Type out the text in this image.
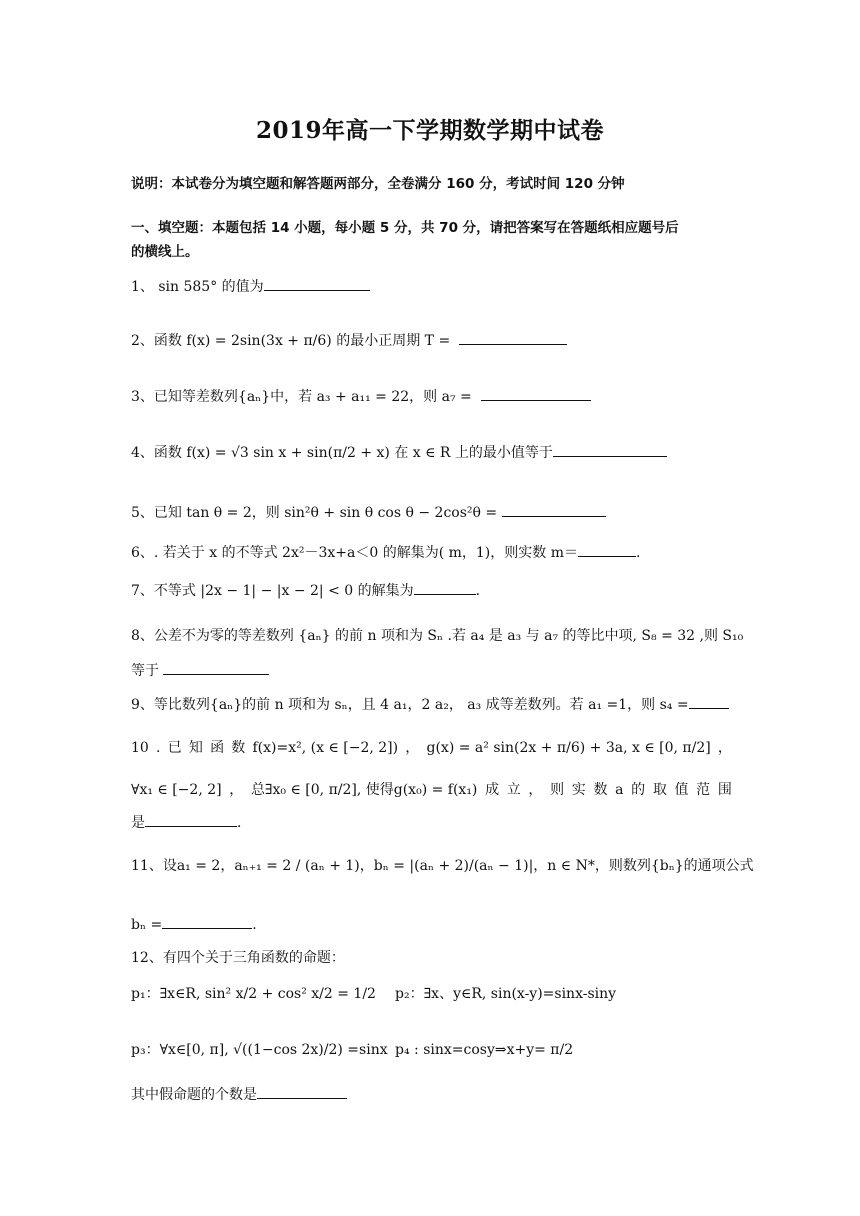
2019年高一下学期数学期中试卷
说明：本试卷分为填空题和解答题两部分，全卷满分 160 分，考试时间 120 分钟
一、填空题：本题包括 14 小题，每小题 5 分，共 70 分，请把答案写在答题纸相应题号后
的横线上。
1、 sin 585° 的值为
2、函数 f(x) = 2sin(3x + π/6) 的最小正周期 T =
3、已知等差数列{aₙ}中，若 a₃ + a₁₁ = 22，则 a₇ =
4、函数 f(x) = √3 sin x + sin(π/2 + x) 在 x ∈ R 上的最小值等于
5、已知 tan θ = 2，则 sin²θ + sin θ cos θ − 2cos²θ =
6、. 若关于 x 的不等式 2x²－3x+a＜0 的解集为( m，1)，则实数 m＝	.
7、不等式 |2x − 1| − |x − 2| < 0 的解集为	.
8、公差不为零的等差数列 {aₙ} 的前 n 项和为 Sₙ .若 a₄ 是 a₃ 与 a₇ 的等比中项, S₈ = 32 ,则 S₁₀
等于
9、等比数列{aₙ}的前 n 项和为 sₙ，且 4 a₁，2 a₂， a₃ 成等差数列。若 a₁ =1，则 s₄ =
10 . 已 知 函 数 f(x)=x², (x ∈ [−2, 2]) ， g(x) = a² sin(2x + π/6) + 3a, x ∈ [0, π/2] ，
∀x₁ ∈ [−2, 2] ， 总∃x₀ ∈ [0, π/2], 使得g(x₀) = f(x₁) 成 立 ， 则 实 数 a 的 取 值 范 围
是	.
11 、 设 a₁ = 2 ， aₙ₊₁ = 2 / (aₙ + 1) ， bₙ = |(aₙ + 2)/(aₙ − 1)| ， n ∈ N* ， 则 数 列 {bₙ} 的 通 项 公 式
bₙ =	.
12、有四个关于三角函数的命题：
p₁：∃x∈R, sin² x/2 + cos² x/2 = 1/2 p₂：∃x、y∈R, sin(x-y)=sinx-siny
p₃：∀x∈[0, π], √((1−cos 2x)/2) =sinx p₄ : sinx=cosy⇒x+y= π/2
其中假命题的个数是
